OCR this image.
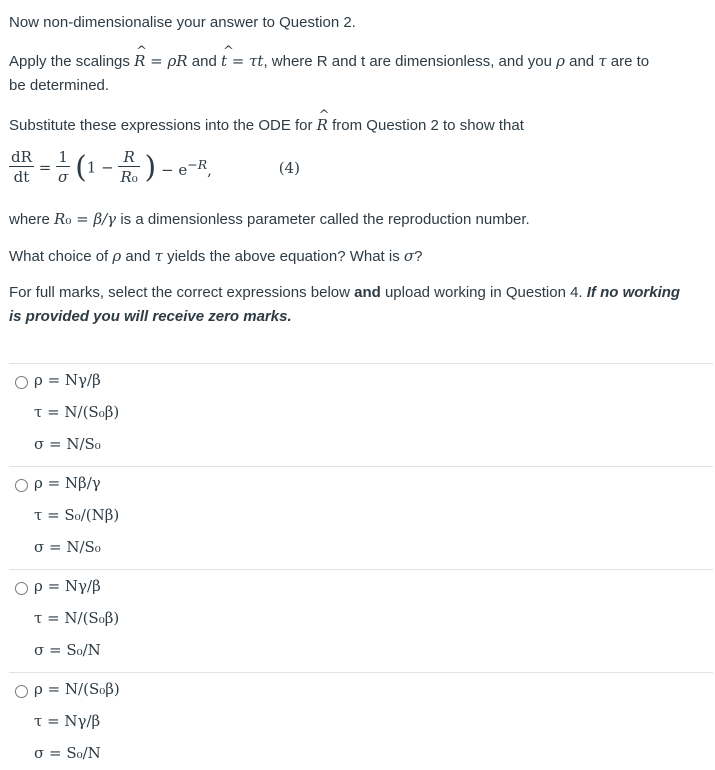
Now non-dimensionalise your answer to Question 2.
Apply the scalings ^ R = ρR and ^ t = τt, where R and t are dimensionless, and you ρ and τ are to
be determined.
Substitute these expressions into the ODE for ^ R from Question 2 to show that
$\frac{dR}{dt} = \frac{1}{\sigma} (1 - \frac{R}{\text{R₀}}$ ) − $e^{-R}$,	(4)
where R₀ = β/γ is a dimensionless parameter called the reproduction number.
What choice of ρ and τ yields the above equation? What is σ?
For full marks, select the correct expressions below and upload working in Question 4. If no working
is provided you will receive zero marks.
ρ = Nγ/β
τ = N/(S₀β)
σ = N/S₀
ρ = Nβ/γ
τ = S₀/(Nβ)
σ = N/S₀
ρ = Nγ/β
τ = N/(S₀β)
σ = S₀/N
ρ = N/(S₀β)
τ = Nγ/β
σ = S₀/N
